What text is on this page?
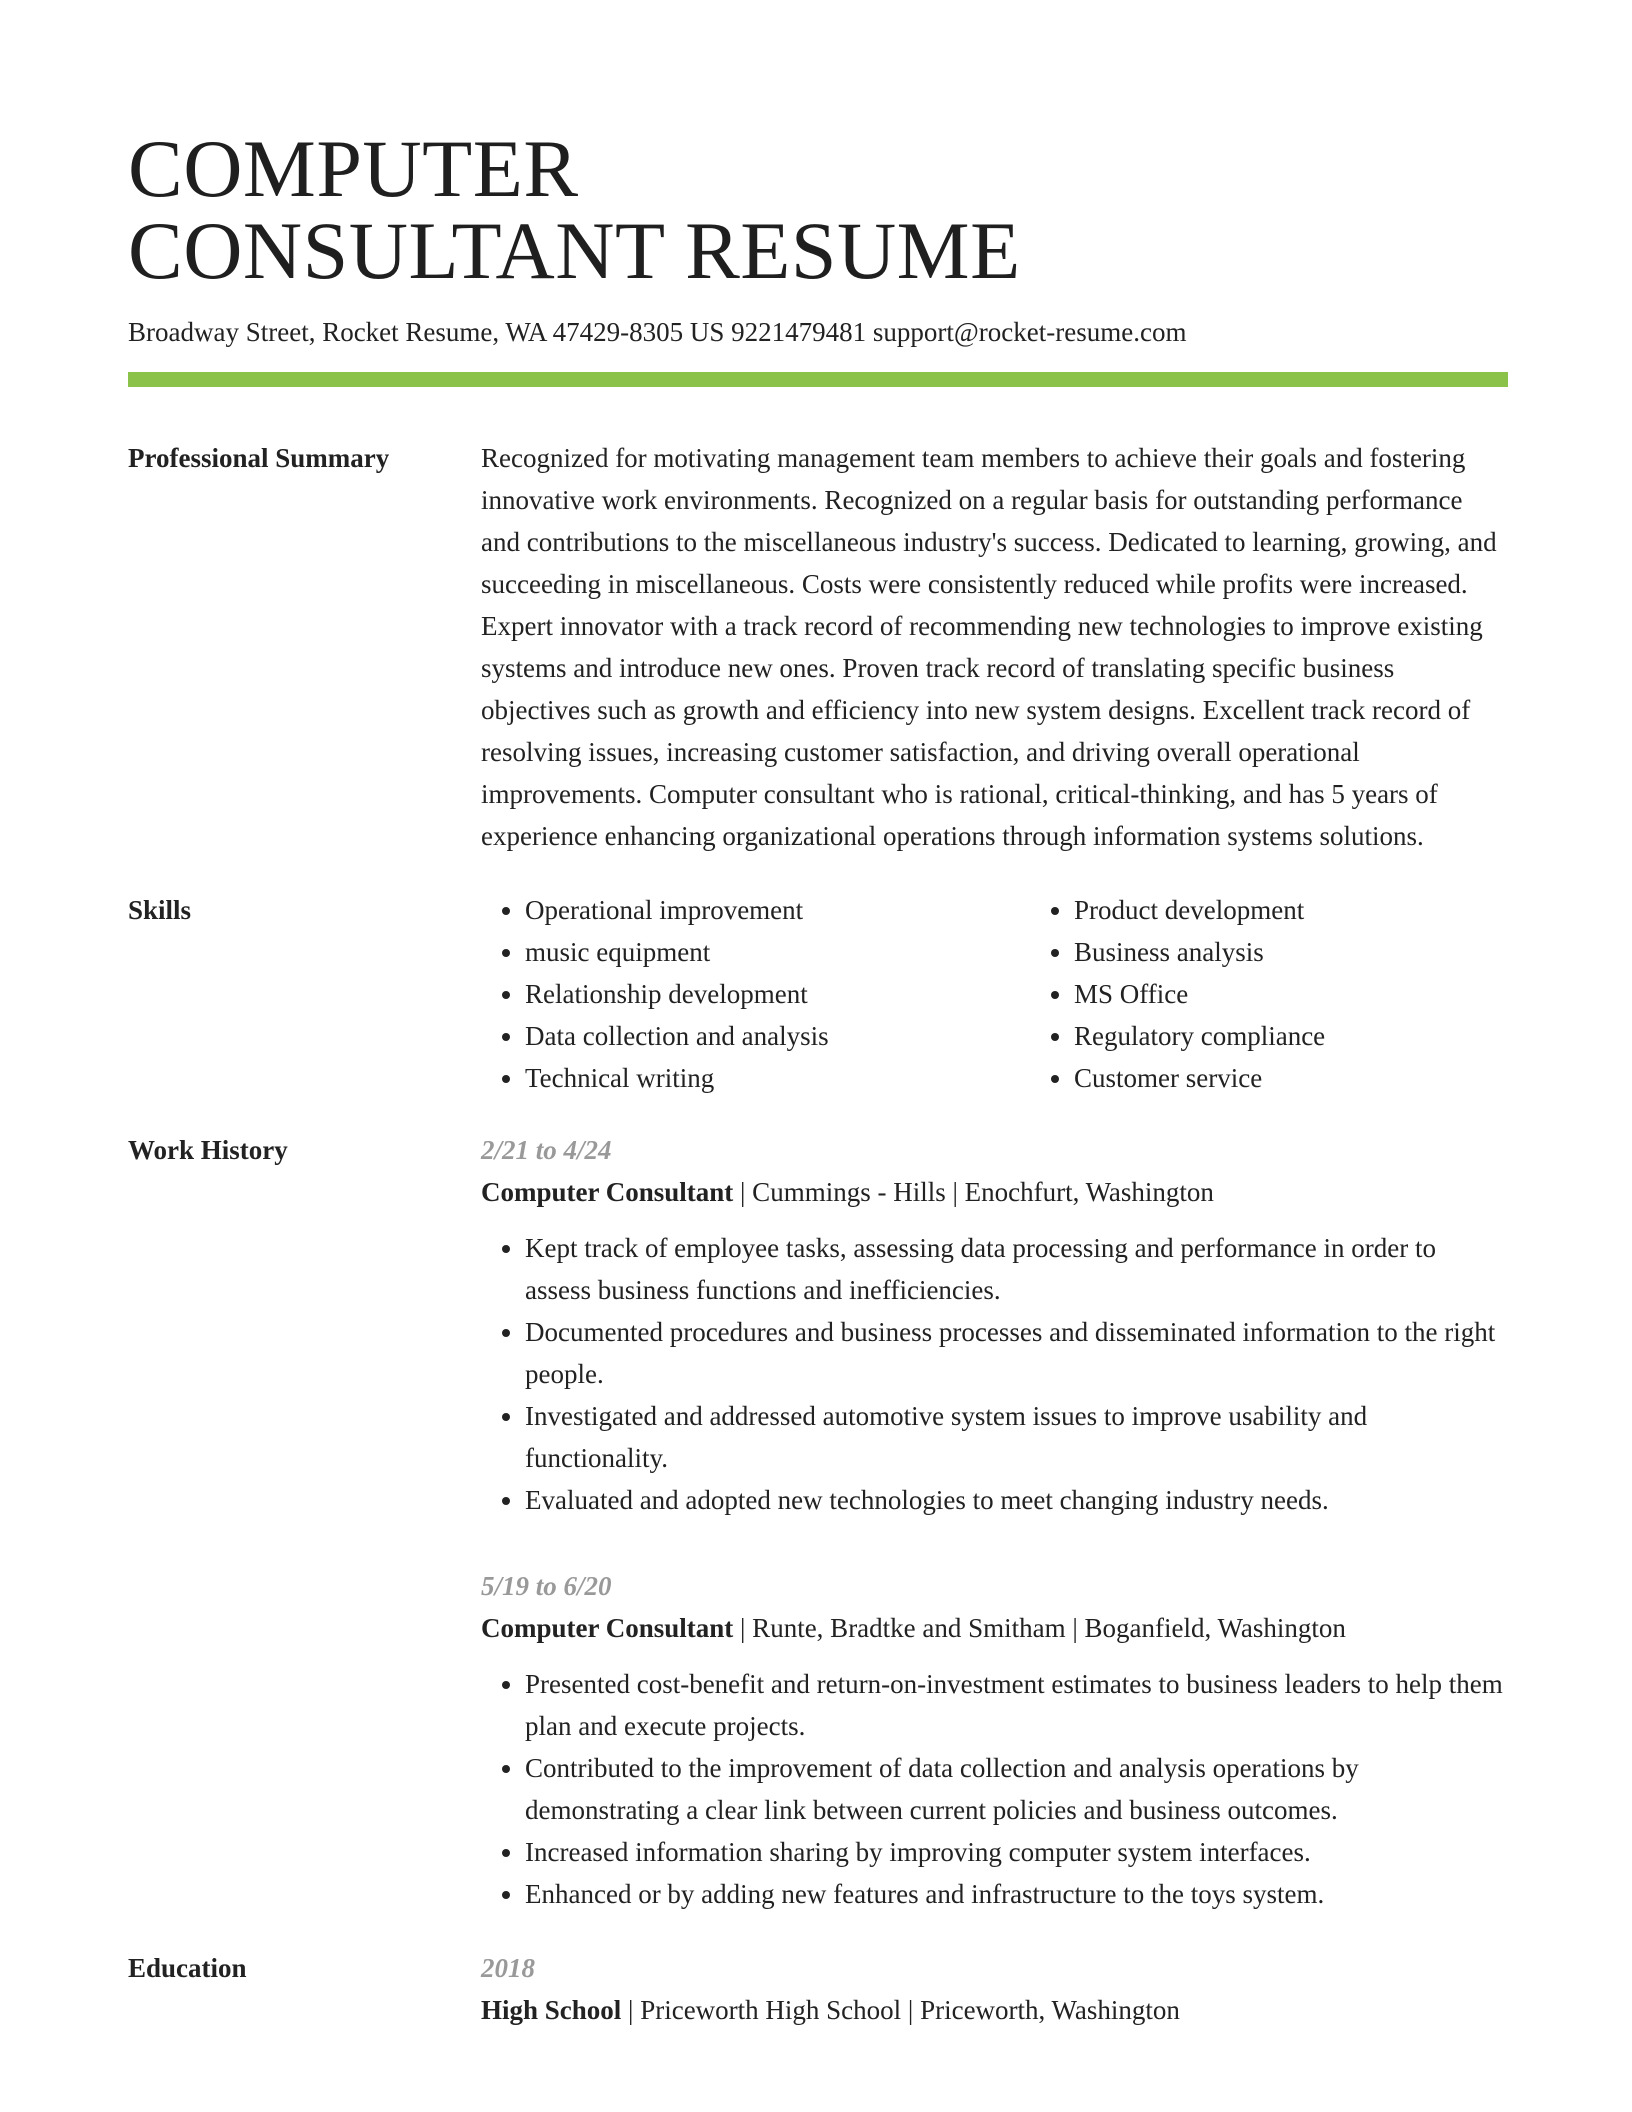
COMPUTER
CONSULTANT RESUME
Broadway Street, Rocket Resume, WA 47429-8305 US 9221479481 support@rocket-resume.com
Professional Summary	Recognized for motivating management team members to achieve their goals and fostering innovative work environments. Recognized on a regular basis for outstanding performance and contributions to the miscellaneous industry's success. Dedicated to learning, growing, and succeeding in miscellaneous. Costs were consistently reduced while profits were increased. Expert innovator with a track record of recommending new technologies to improve existing systems and introduce new ones. Proven track record of translating specific business objectives such as growth and efficiency into new system designs. Excellent track record of resolving issues, increasing customer satisfaction, and driving overall operational improvements. Computer consultant who is rational, critical-thinking, and has 5 years of experience enhancing organizational operations through information systems solutions.

Skills
•	Operational improvement
• music equipment
• Relationship development
• Data collection and analysis
• Technical writing
• Product development
• Business analysis
• MS Office
• Regulatory compliance
• Customer service
Work History	2/21 to 4/24
Computer Consultant | Cummings - Hills | Enochfurt, Washington
• Kept track of employee tasks, assessing data processing and performance in order to assess business functions and inefficiencies.
• Documented procedures and business processes and disseminated information to the right people.
• Investigated and addressed automotive system issues to improve usability and functionality.
• Evaluated and adopted new technologies to meet changing industry needs.
5/19 to 6/20
Computer Consultant | Runte, Bradtke and Smitham | Boganfield, Washington
• Presented cost-benefit and return-on-investment estimates to business leaders to help them plan and execute projects.
• Contributed to the improvement of data collection and analysis operations by demonstrating a clear link between current policies and business outcomes.
• Increased information sharing by improving computer system interfaces.
• Enhanced or by adding new features and infrastructure to the toys system.
Education	2018
High School | Priceworth High School | Priceworth, Washington
